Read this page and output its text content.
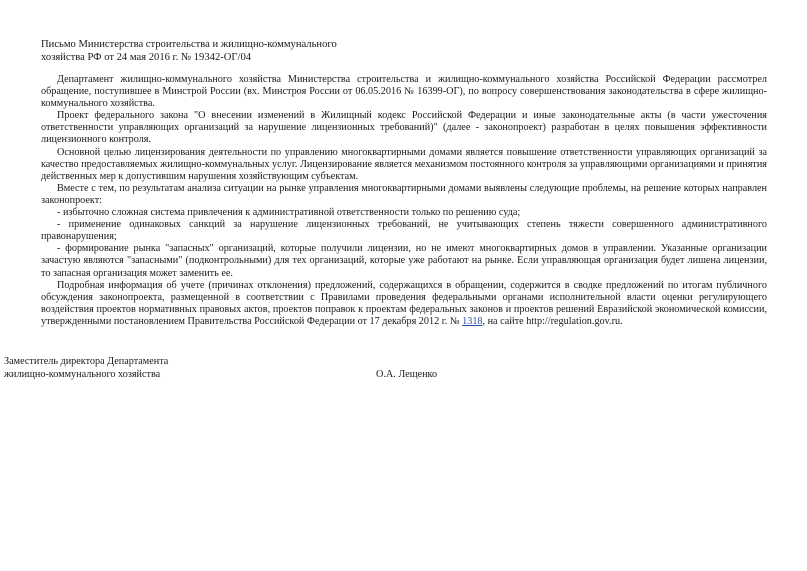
Письмо Министерства строительства и жилищно-коммунального хозяйства РФ от 24 мая 2016 г. № 19342-ОГ/04

Департамент жилищно-коммунального хозяйства Министерства строительства и жилищно-коммунального хозяйства Российской Федерации рассмотрел обращение, поступившее в Минстрой России (вх. Минстроя России от 06.05.2016 № 16399-ОГ), по вопросу совершенствования законодательства в сфере жилищно-коммунального хозяйства.

Проект федерального закона "О внесении изменений в Жилищный кодекс Российской Федерации и иные законодательные акты (в части ужесточения ответственности управляющих организаций за нарушение лицензионных требований)" (далее - законопроект) разработан в целях повышения эффективности лицензионного контроля.

Основной целью лицензирования деятельности по управлению многоквартирными домами является повышение ответственности управляющих организаций за качество предоставляемых жилищно-коммунальных услуг. Лицензирование является механизмом постоянного контроля за управляющими организациями и принятия действенных мер к допустившим нарушения хозяйствующим субъектам.

Вместе с тем, по результатам анализа ситуации на рынке управления многоквартирными домами выявлены следующие проблемы, на решение которых направлен законопроект:

- избыточно сложная система привлечения к административной ответственности только по решению суда;

- применение одинаковых санкций за нарушение лицензионных требований, не учитывающих степень тяжести совершенного административного правонарушения;

- формирование рынка "запасных" организаций, которые получили лицензии, но не имеют многоквартирных домов в управлении. Указанные организации зачастую являются "запасными" (подконтрольными) для тех организаций, которые уже работают на рынке. Если управляющая организация будет лишена лицензии, то запасная организация может заменить ее.

Подробная информация об учете (причинах отклонения) предложений, содержащихся в обращении, содержится в сводке предложений по итогам публичного обсуждения законопроекта, размещенной в соответствии с Правилами проведения федеральными органами исполнительной власти оценки регулирующего воздействия проектов нормативных правовых актов, проектов поправок к проектам федеральных законов и проектов решений Евразийской экономической комиссии, утвержденными постановлением Правительства Российской Федерации от 17 декабря 2012 г. № 1318, на сайте http://regulation.gov.ru.

Заместитель директора Департамента
жилищно-коммунального хозяйства	О.А. Лещенко
